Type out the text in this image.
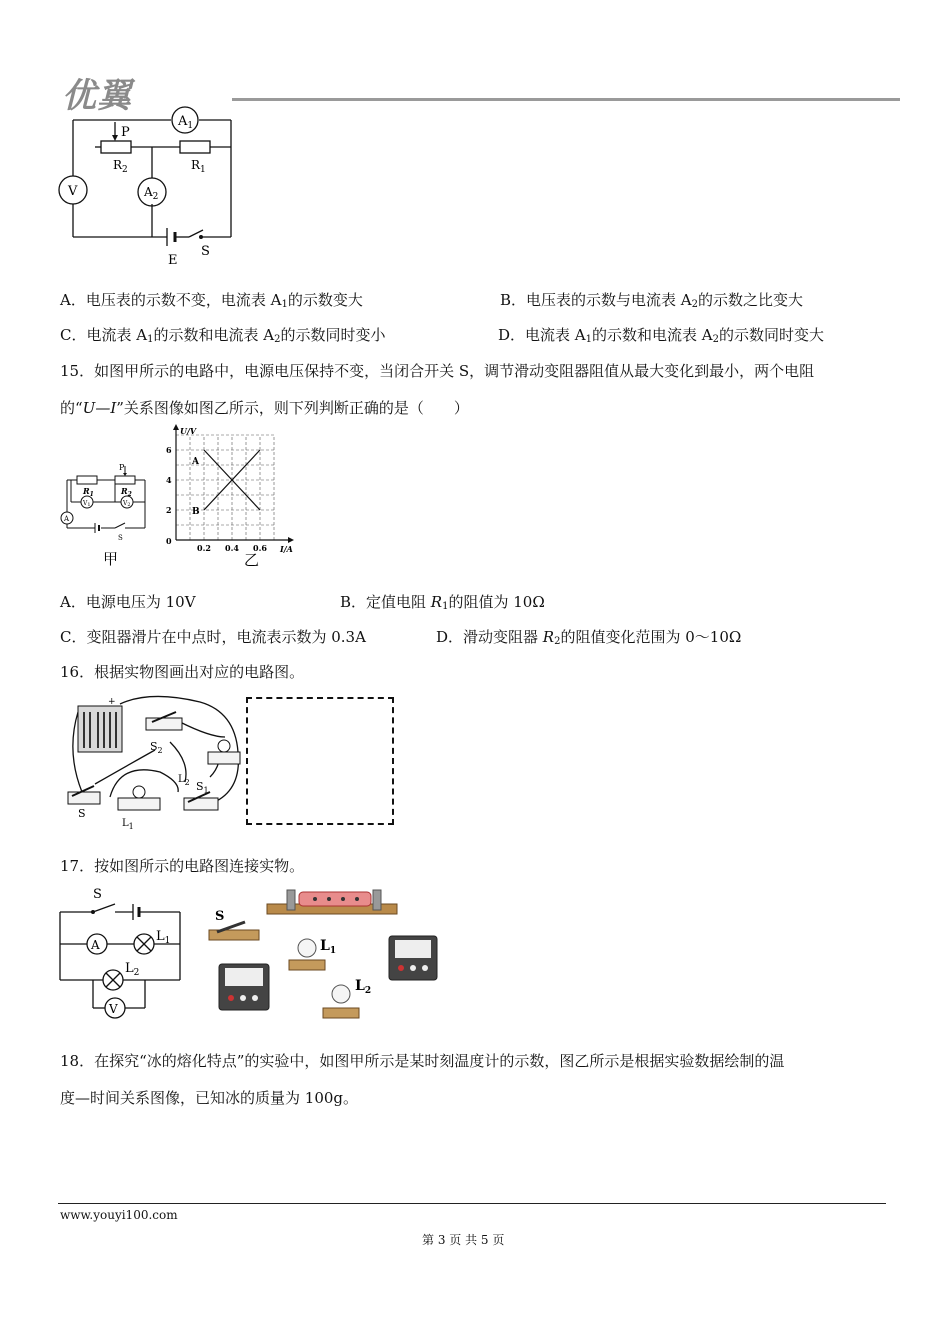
优翼
$A_1$
P
$R_2$	$R_1$
V	$A_2$
E
S
A．电压表的示数不变，电流表 $A_1$的示数变大	B．电压表的示数与电流表 $A_2$的示数之比变大
C．电流表 $A_1$的示数和电流表 $A_2$的示数同时变小	D．电流表 $A_1$的示数和电流表 $A_2$的示数同时变大
15．如图甲所示的电路中，电源电压保持不变，当闭合开关 S，调节滑动变阻器阻值从最大变化到最小，两个电阻
的“U—I”关系图像如图乙所示，则下列判断正确的是（　　）
P
$R_1$	$R_2$
V1	V2
A
S
甲
U/V
I/A
0
0.2 0.4 0.6
2
4
6
A
B
乙
A．电源电压为 10V	B．定值电阻 $R_1$的阻值为 10Ω
C．变阻器滑片在中点时，电流表示数为 0.3A	D．滑动变阻器 $R_2$的阻值变化范围为 0～10Ω
16．根据实物图画出对应的电路图。
+
$S_2$
$L_2$
S
$L_1$
$S_1$
17．按如图所示的电路图连接实物。
S
A
$L_1$
$L_2$
V
S
$L_1$
$L_2$
18．在探究“冰的熔化特点”的实验中，如图甲所示是某时刻温度计的示数，图乙所示是根据实验数据绘制的温
度—时间关系图像，已知冰的质量为 100g。
www.youyi100.com
第 3 页 共 5 页
